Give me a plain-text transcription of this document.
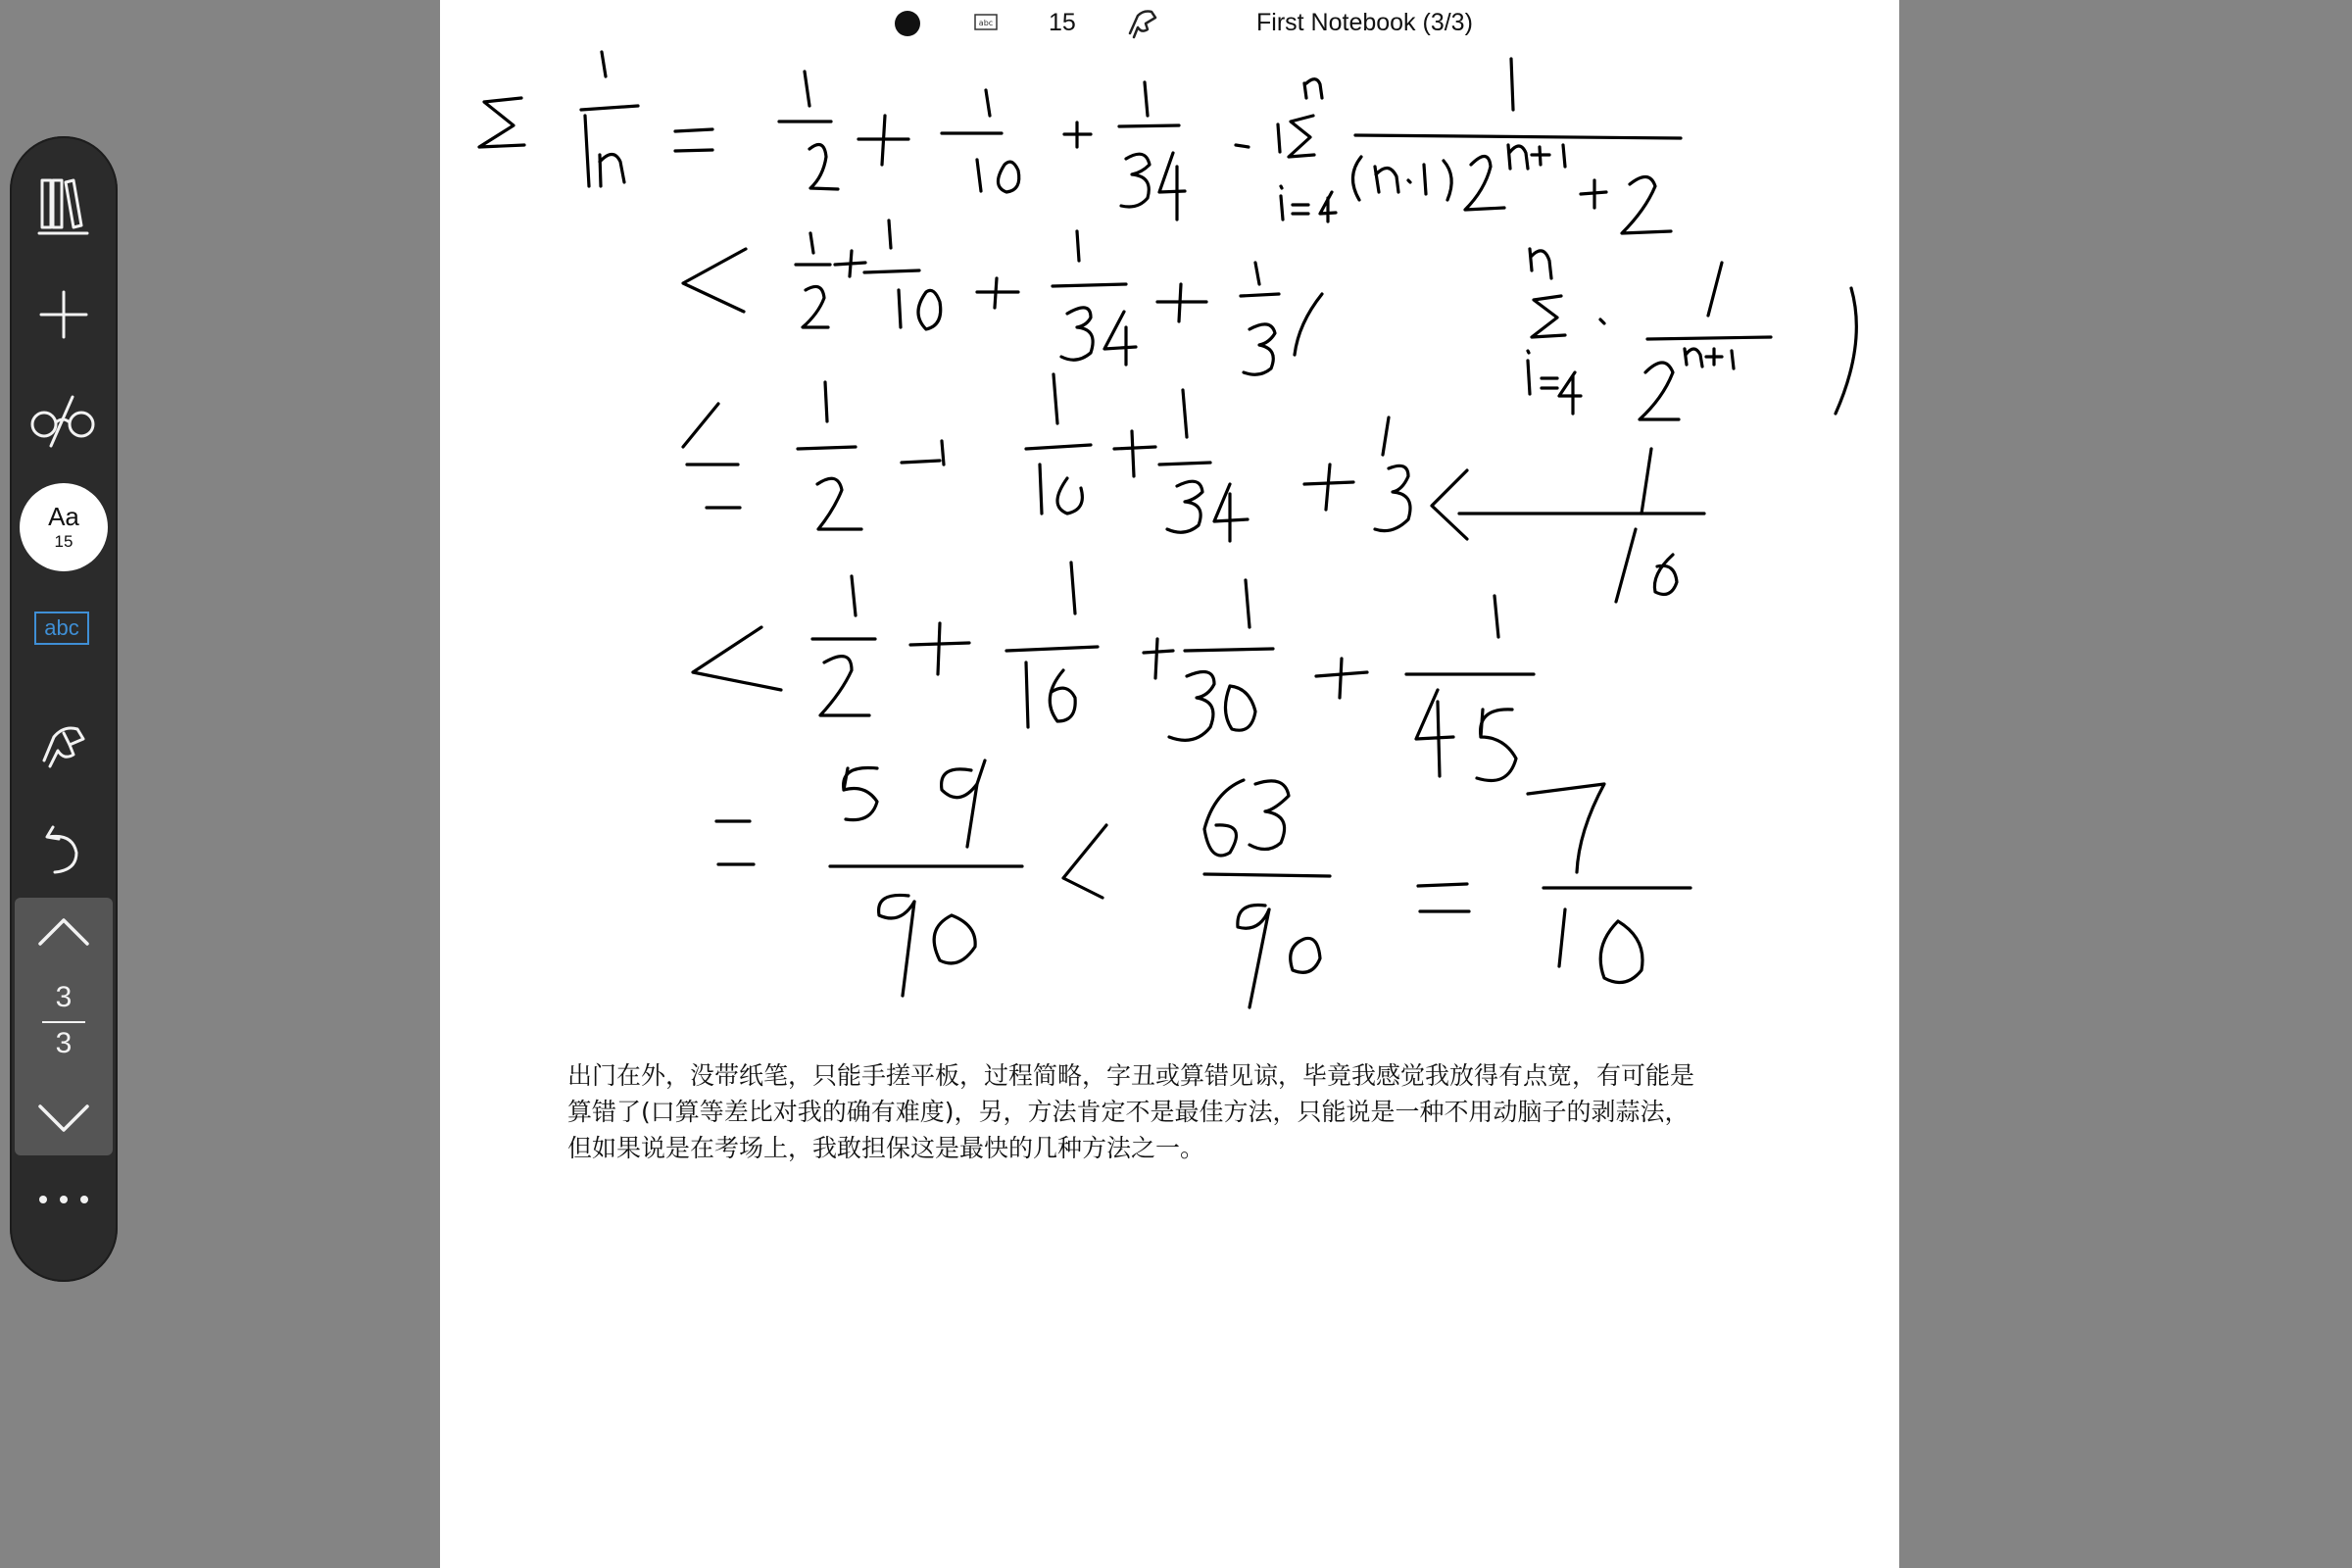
abc 15	First Notebook (3/3)
出门在外，没带纸笔，只能手搓平板，过程简略，字丑或算错见谅，毕竟我感觉我放得有点宽，有可能是
算错了(口算等差比对我的确有难度)，另，方法肯定不是最佳方法，只能说是一种不用动脑子的剥蒜法，
但如果说是在考场上，我敢担保这是最快的几种方法之一。
Aa
15
abc
3
3
